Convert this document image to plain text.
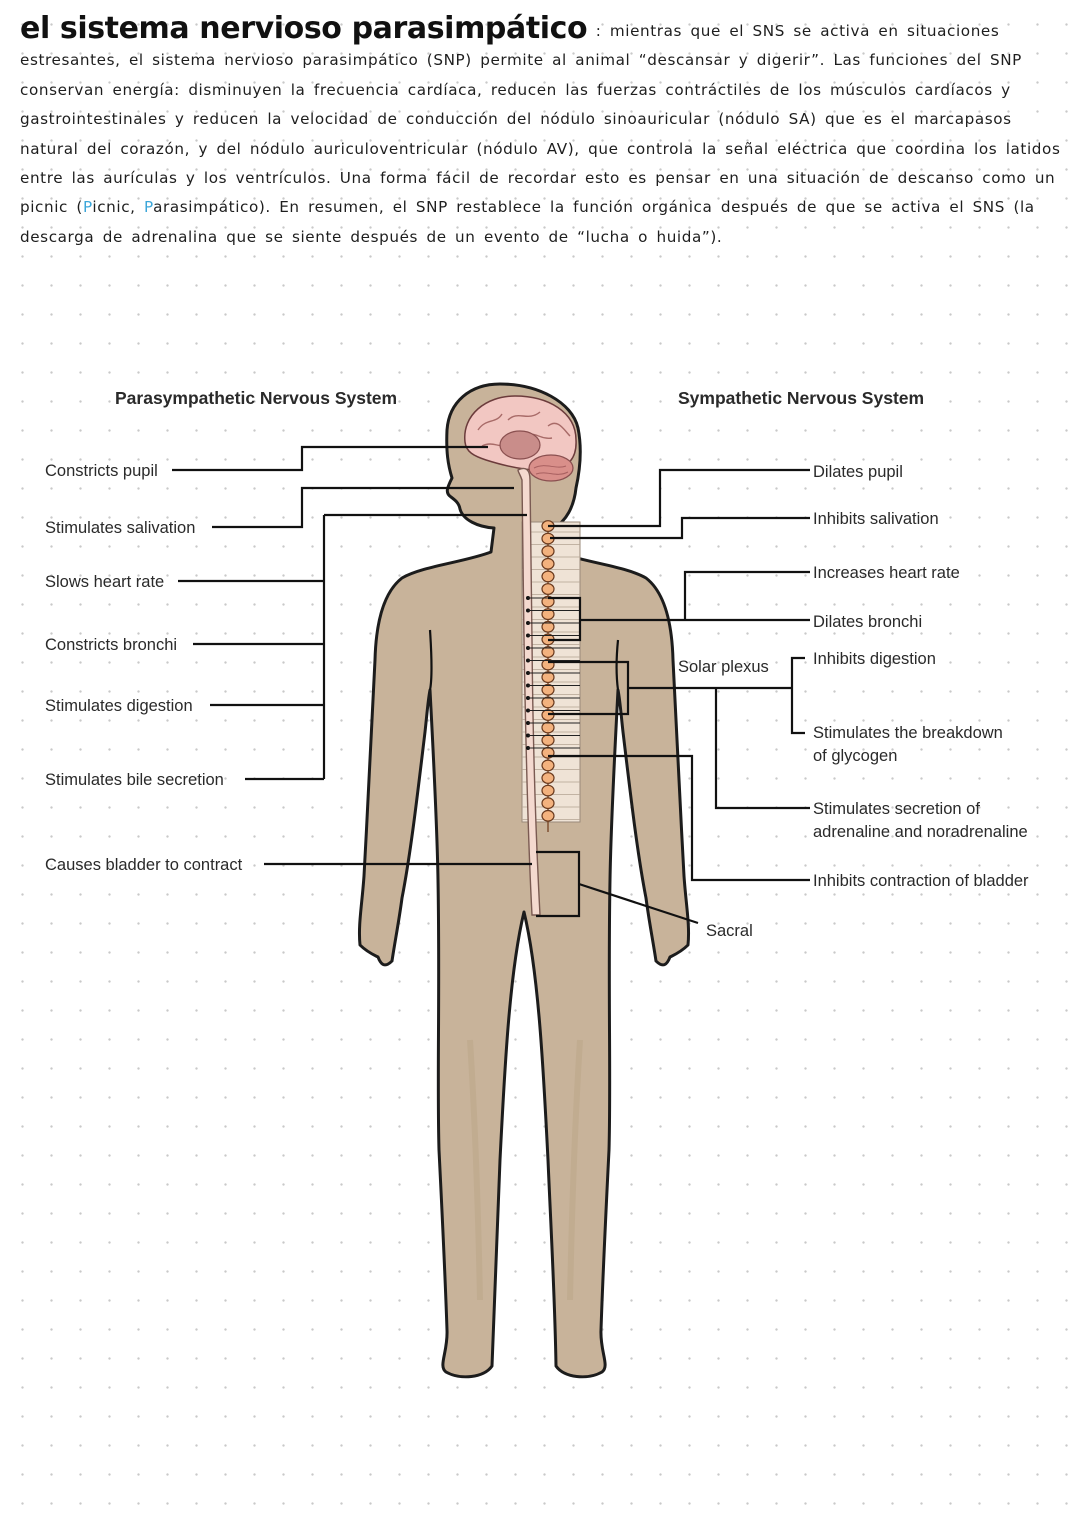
el sistema nervioso parasimpático : mientras que el SNS se activa en situaciones estresantes, el sistema nervioso parasimpático (SNP) permite al animal “descansar y digerir”. Las funciones del SNP conservan energía: disminuyen la frecuencia cardíaca, reducen las fuerzas contráctiles de los músculos cardíacos y gastrointestinales y reducen la velocidad de conducción del nódulo sinoauricular (nódulo SA) que es el marcapasos natural del corazón, y del nódulo auriculoventricular (nódulo AV), que controla la señal eléctrica que coordina los latidos entre las aurículas y los ventrículos. Una forma fácil de recordar esto es pensar en una situación de descanso como un picnic (Picnic, Parasimpático). En resumen, el SNP restablece la función orgánica después de que se activa el SNS (la descarga de adrenalina que se siente después de un evento de “lucha o huida”).
Parasympathetic Nervous System	Sympathetic Nervous System
Constricts pupil
Stimulates salivation
Slows heart rate
Constricts bronchi
Stimulates digestion
Stimulates bile secretion
Causes bladder to contract
Dilates pupil
Inhibits salivation
Increases heart rate
Dilates bronchi
Inhibits digestion
Stimulates the breakdown
of glycogen
Stimulates secretion of
adrenaline and noradrenaline
Inhibits contraction of bladder
Solar plexus
Sacral
